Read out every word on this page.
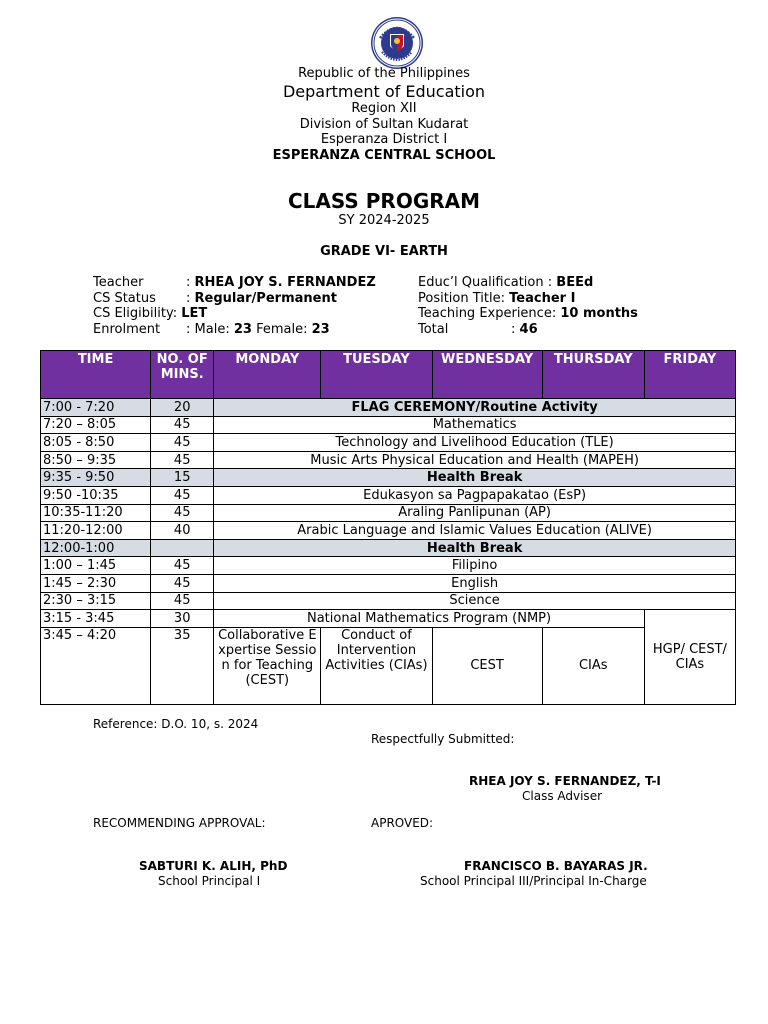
Republic of the Philippines
Department of Education
Region XII
Division of Sultan Kudarat
Esperanza District I
ESPERANZA CENTRAL SCHOOL
CLASS PROGRAM
SY 2024-2025
GRADE VI- EARTH
Teacher	: RHEA JOY S. FERNANDEZ
CS Status : Regular/Permanent
CS Eligibility: LET
Enrolment : Male: 23 Female: 23
Educ’l Qualification : BEEd
Position Title: Teacher I
Teaching Experience: 10 months
Total	: 46
TIME	NO. OF MINS.	MONDAY	TUESDAY	WEDNESDAY	THURSDAY	FRIDAY
7:00 - 7:20	20	FLAG CEREMONY/Routine Activity				
7:20 – 8:05	45	Mathematics				
8:05 - 8:50	45	Technology and Livelihood Education (TLE)				
8:50 – 9:35	45	Music Arts Physical Education and Health (MAPEH)				
9:35 - 9:50	15	Health Break				
9:50 -10:35	45	Edukasyon sa Pagpapakatao (EsP)				
10:35-11:20	45	Araling Panlipunan (AP)				
11:20-12:00	40	Arabic Language and Islamic Values Education (ALIVE)				
12:00-1:00		Health Break				
1:00 – 1:45	45	Filipino				
1:45 – 2:30	45	English				
2:30 – 3:15	45	Science				
3:15 - 3:45	30	National Mathematics Program (NMP)				HGP/ CEST/ CIAs
3:45 – 4:20	35	Collaborative Expertise Session for Teaching (CEST)	Conduct of Intervention Activities (CIAs)	CEST	CIAs	
Reference: D.O. 10, s. 2024
Respectfully Submitted:
RHEA JOY S. FERNANDEZ, T-I
Class Adviser
RECOMMENDING APPROVAL:	APROVED:
SABTURI K. ALIH, PhD
School Principal I
FRANCISCO B. BAYARAS JR.
School Principal III/Principal In-Charge
